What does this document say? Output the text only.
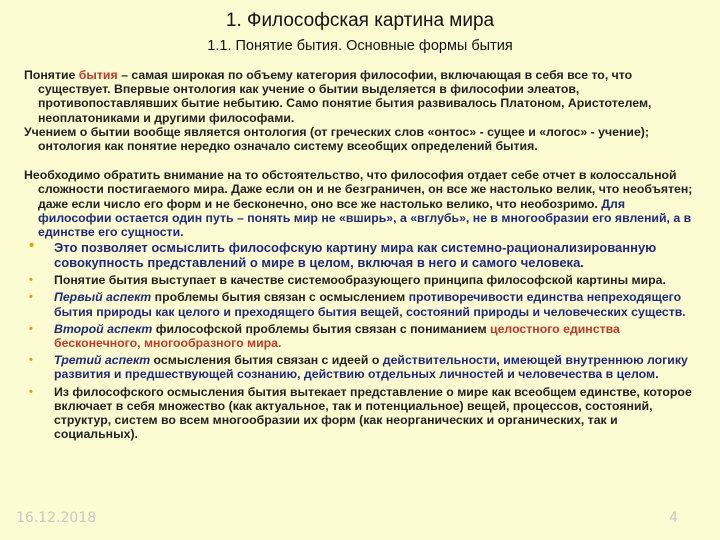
1. Философская картина мира
1.1. Понятие бытия. Основные формы бытия

Понятие бытия – самая широкая по объему категория философии, включающая в себя все то, что существует. Впервые онтология как учение о бытии выделяется в философии элеатов, противопоставлявших бытие небытию. Само понятие бытия развивалось Платоном, Аристотелем, неоплатониками и другими философами.

Учением о бытии вообще является онтология (от греческих слов «онтос» - сущее и «логос» - учение); онтология как понятие нередко означало систему всеобщих определений бытия.

Необходимо обратить внимание на то обстоятельство, что философия отдает себе отчет в колоссальной сложности постигаемого мира. Даже если он и не безграничен, он все же настолько велик, что необъятен; даже если число его форм и не бесконечно, оно все же настолько велико, что необозримо. Для философии остается один путь – понять мир не «вширь», а «вглубь», не в многообразии его явлений, а в единстве его сущности.

• Это позволяет осмыслить философскую картину мира как системно-рационализированную совокупность представлений о мире в целом, включая в него и самого человека.
• Понятие бытия выступает в качестве системообразующего принципа философской картины мира.
• Первый аспект проблемы бытия связан с осмыслением противоречивости единства непреходящего бытия природы как целого и преходящего бытия вещей, состояний природы и человеческих существ.
• Второй аспект философской проблемы бытия связан с пониманием целостного единства бесконечного, многообразного мира.
• Третий аспект осмысления бытия связан с идеей о действительности, имеющей внутреннюю логику развития и предшествующей сознанию, действию отдельных личностей и человечества в целом.
• Из философского осмысления бытия вытекает представление о мире как всеобщем единстве, которое включает в себя множество (как актуальное, так и потенциальное) вещей, процессов, состояний, структур, систем во всем многообразии их форм (как неорганических и органических, так и социальных).
16.12.2018	4
